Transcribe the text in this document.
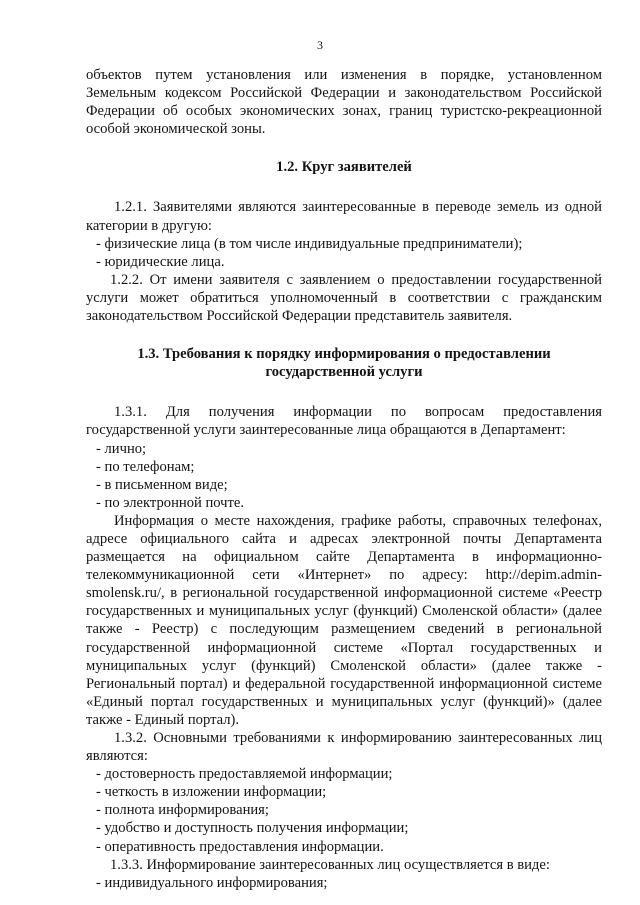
3

объектов путем установления или изменения в порядке, установленном Земельным кодексом Российской Федерации и законодательством Российской Федерации об особых экономических зонах, границ туристско-рекреационной особой экономической зоны.

1.2. Круг заявителей

1.2.1. Заявителями являются заинтересованные в переводе земель из одной категории в другую:

- физические лица (в том числе индивидуальные предприниматели);

- юридические лица.

1.2.2. От имени заявителя с заявлением о предоставлении государственной услуги может обратиться уполномоченный в соответствии с гражданским законодательством Российской Федерации представитель заявителя.

1.3. Требования к порядку информирования о предоставлении государственной услуги

1.3.1. Для получения информации по вопросам предоставления государственной услуги заинтересованные лица обращаются в Департамент:

- лично;

- по телефонам;

- в письменном виде;

- по электронной почте.

Информация о месте нахождения, графике работы, справочных телефонах, адресе официального сайта и адресах электронной почты Департамента размещается на официальном сайте Департамента в информационно-телекоммуникационной сети «Интернет» по адресу: http://depim.admin-smolensk.ru/, в региональной государственной информационной системе «Реестр государственных и муниципальных услуг (функций) Смоленской области» (далее также - Реестр) с последующим размещением сведений в региональной государственной информационной системе «Портал государственных и муниципальных услуг (функций) Смоленской области» (далее также - Региональный портал) и федеральной государственной информационной системе «Единый портал государственных и муниципальных услуг (функций)» (далее также - Единый портал).

1.3.2. Основными требованиями к информированию заинтересованных лиц являются:

- достоверность предоставляемой информации;

- четкость в изложении информации;

- полнота информирования;

- удобство и доступность получения информации;

- оперативность предоставления информации.

1.3.3. Информирование заинтересованных лиц осуществляется в виде:

- индивидуального информирования;
